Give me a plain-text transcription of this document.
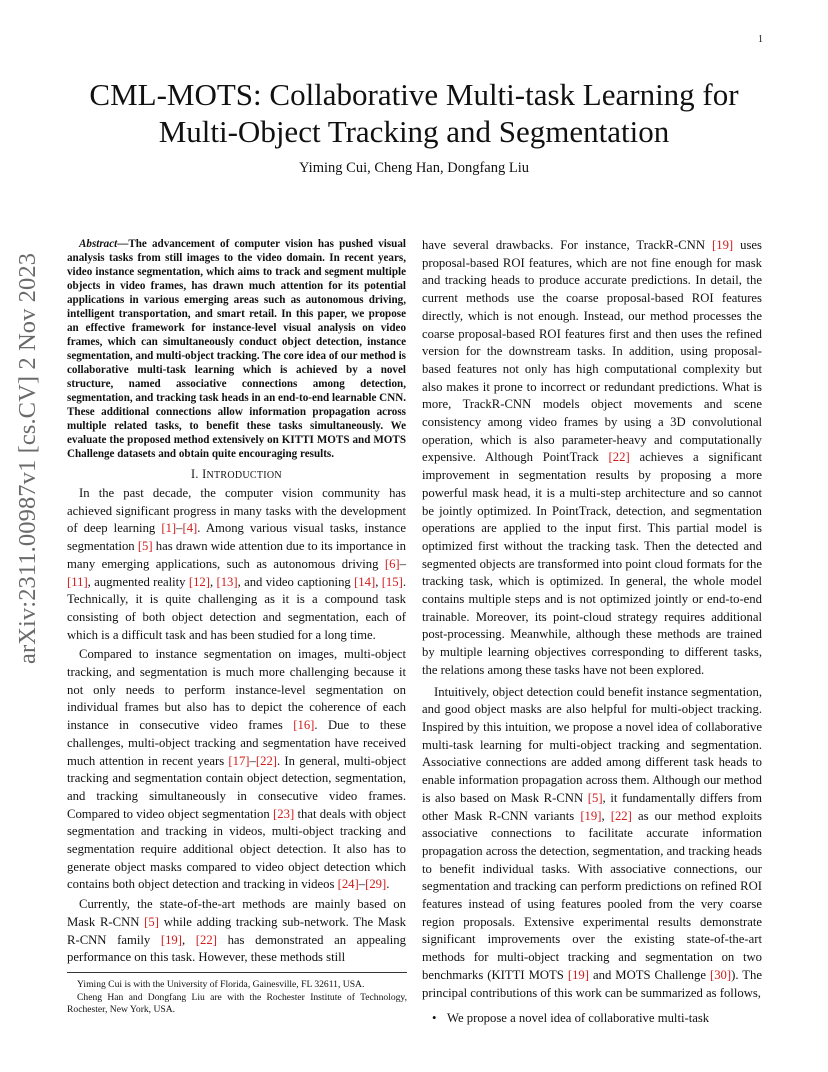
1
arXiv:2311.00987v1 [cs.CV] 2 Nov 2023
CML-MOTS: Collaborative Multi-task Learning for
Multi-Object Tracking and Segmentation
Yiming Cui, Cheng Han, Dongfang Liu

Abstract—The advancement of computer vision has pushed visual analysis tasks from still images to the video domain. In recent years, video instance segmentation, which aims to track and segment multiple objects in video frames, has drawn much attention for its potential applications in various emerging areas such as autonomous driving, intelligent transportation, and smart retail. In this paper, we propose an effective framework for instance-level visual analysis on video frames, which can simultaneously conduct object detection, instance segmentation, and multi-object tracking. The core idea of our method is collaborative multi-task learning which is achieved by a novel structure, named associative connections among detection, segmentation, and tracking task heads in an end-to-end learnable CNN. These additional connections allow information propagation across multiple related tasks, to benefit these tasks simultaneously. We evaluate the proposed method extensively on KITTI MOTS and MOTS Challenge datasets and obtain quite encouraging results.

I. INTRODUCTION

In the past decade, the computer vision community has achieved significant progress in many tasks with the development of deep learning [1]–[4]. Among various visual tasks, instance segmentation [5] has drawn wide attention due to its importance in many emerging applications, such as autonomous driving [6]–[11], augmented reality [12], [13], and video captioning [14], [15]. Technically, it is quite challenging as it is a compound task consisting of both object detection and segmentation, each of which is a difficult task and has been studied for a long time.

Compared to instance segmentation on images, multi-object tracking, and segmentation is much more challenging because it not only needs to perform instance-level segmentation on individual frames but also has to depict the coherence of each instance in consecutive video frames [16]. Due to these challenges, multi-object tracking and segmentation have received much attention in recent years [17]–[22]. In general, multi-object tracking and segmentation contain object detection, segmentation, and tracking simultaneously in consecutive video frames. Compared to video object segmentation [23] that deals with object segmentation and tracking in videos, multi-object tracking and segmentation require additional object detection. It also has to generate object masks compared to video object detection which contains both object detection and tracking in videos [24]–[29].

Currently, the state-of-the-art methods are mainly based on Mask R-CNN [5] while adding tracking sub-network. The Mask R-CNN family [19], [22] has demonstrated an appealing performance on this task. However, these methods still

Yiming Cui is with the University of Florida, Gainesville, FL 32611, USA.

Cheng Han and Dongfang Liu are with the Rochester Institute of Technology, Rochester, New York, USA.

have several drawbacks. For instance, TrackR-CNN [19] uses proposal-based ROI features, which are not fine enough for mask and tracking heads to produce accurate predictions. In detail, the current methods use the coarse proposal-based ROI features directly, which is not enough. Instead, our method processes the coarse proposal-based ROI features first and then uses the refined version for the downstream tasks. In addition, using proposal-based features not only has high computational complexity but also makes it prone to incorrect or redundant predictions. What is more, TrackR-CNN models object movements and scene consistency among video frames by using a 3D convolutional operation, which is also parameter-heavy and computationally expensive. Although PointTrack [22] achieves a significant improvement in segmentation results by proposing a more powerful mask head, it is a multi-step architecture and so cannot be jointly optimized. In PointTrack, detection, and segmentation operations are applied to the input first. This partial model is optimized first without the tracking task. Then the detected and segmented objects are transformed into point cloud formats for the tracking task, which is optimized. In general, the whole model contains multiple steps and is not optimized jointly or end-to-end trainable. Moreover, its point-cloud strategy requires additional post-processing. Meanwhile, although these methods are trained by multiple learning objectives corresponding to different tasks, the relations among these tasks have not been explored.

Intuitively, object detection could benefit instance segmentation, and good object masks are also helpful for multi-object tracking. Inspired by this intuition, we propose a novel idea of collaborative multi-task learning for multi-object tracking and segmentation. Associative connections are added among different task heads to enable information propagation across them. Although our method is also based on Mask R-CNN [5], it fundamentally differs from other Mask R-CNN variants [19], [22] as our method exploits associative connections to facilitate accurate information propagation across the detection, segmentation, and tracking heads to benefit individual tasks. With associative connections, our segmentation and tracking can perform predictions on refined ROI features instead of using features pooled from the very coarse region proposals. Extensive experimental results demonstrate significant improvements over the existing state-of-the-art methods for multi-object tracking and segmentation on two benchmarks (KITTI MOTS [19] and MOTS Challenge [30]). The principal contributions of this work can be summarized as follows,

• We propose a novel idea of collaborative multi-task
